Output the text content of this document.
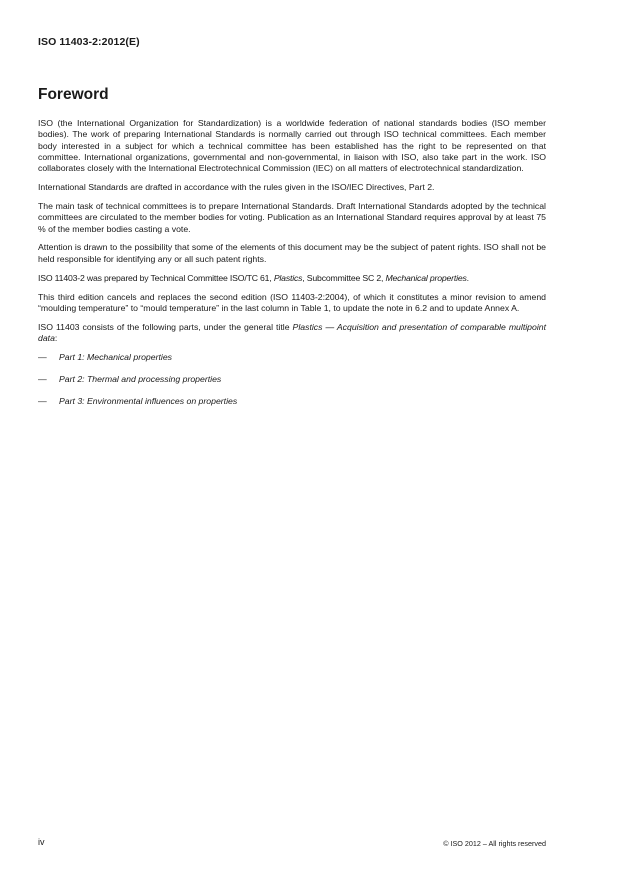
ISO 11403-2:2012(E)
Foreword

ISO (the International Organization for Standardization) is a worldwide federation of national standards bodies (ISO member bodies). The work of preparing International Standards is normally carried out through ISO technical committees. Each member body interested in a subject for which a technical committee has been established has the right to be represented on that committee. International organizations, governmental and non-governmental, in liaison with ISO, also take part in the work. ISO collaborates closely with the International Electrotechnical Commission (IEC) on all matters of electrotechnical standardization.

International Standards are drafted in accordance with the rules given in the ISO/IEC Directives, Part 2.

The main task of technical committees is to prepare International Standards. Draft International Standards adopted by the technical committees are circulated to the member bodies for voting. Publication as an International Standard requires approval by at least 75 % of the member bodies casting a vote.

Attention is drawn to the possibility that some of the elements of this document may be the subject of patent rights. ISO shall not be held responsible for identifying any or all such patent rights.

ISO 11403-2 was prepared by Technical Committee ISO/TC 61, Plastics, Subcommittee SC 2, Mechanical properties.

This third edition cancels and replaces the second edition (ISO 11403-2:2004), of which it constitutes a minor revision to amend “moulding temperature” to “mould temperature” in the last column in Table 1, to update the note in 6.2 and to update Annex A.

ISO 11403 consists of the following parts, under the general title Plastics — Acquisition and presentation of comparable multipoint data:

— Part 1: Mechanical properties
— Part 2: Thermal and processing properties
— Part 3: Environmental influences on properties
iv	© ISO 2012 – All rights reserved
